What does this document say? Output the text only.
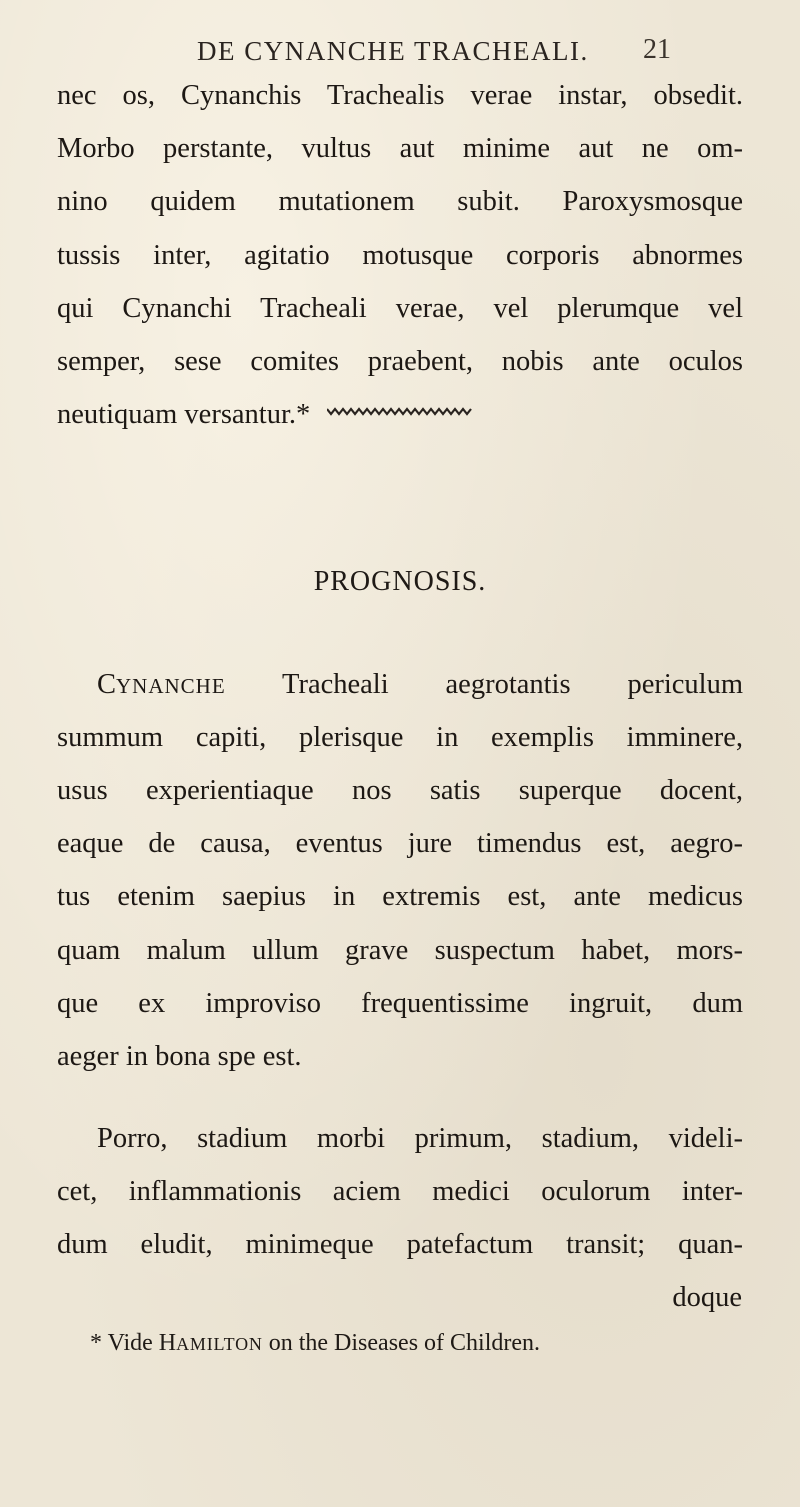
DE CYNANCHE TRACHEALI. 21
nec os, Cynanchis Trachealis verae instar, obsedit.
Morbo perstante, vultus aut minime aut ne om-
nino quidem mutationem subit. Paroxysmosque
tussis inter, agitatio motusque corporis abnormes
qui Cynanchi Tracheali verae, vel plerumque vel
semper, sese comites praebent, nobis ante oculos
neutiquam versantur.*
PROGNOSIS.
CYNANCHE Tracheali aegrotantis periculum
summum capiti, plerisque in exemplis imminere,
usus experientiaque nos satis superque docent,
eaque de causa, eventus jure timendus est, aegro-
tus etenim saepius in extremis est, ante medicus
quam malum ullum grave suspectum habet, mors-
que ex improviso frequentissime ingruit, dum
aeger in bona spe est.
Porro, stadium morbi primum, stadium, videli-
cet, inflammationis aciem medici oculorum inter-
dum eludit, minimeque patefactum transit; quan-
doque
* Vide HAMILTON on the Diseases of Children.
